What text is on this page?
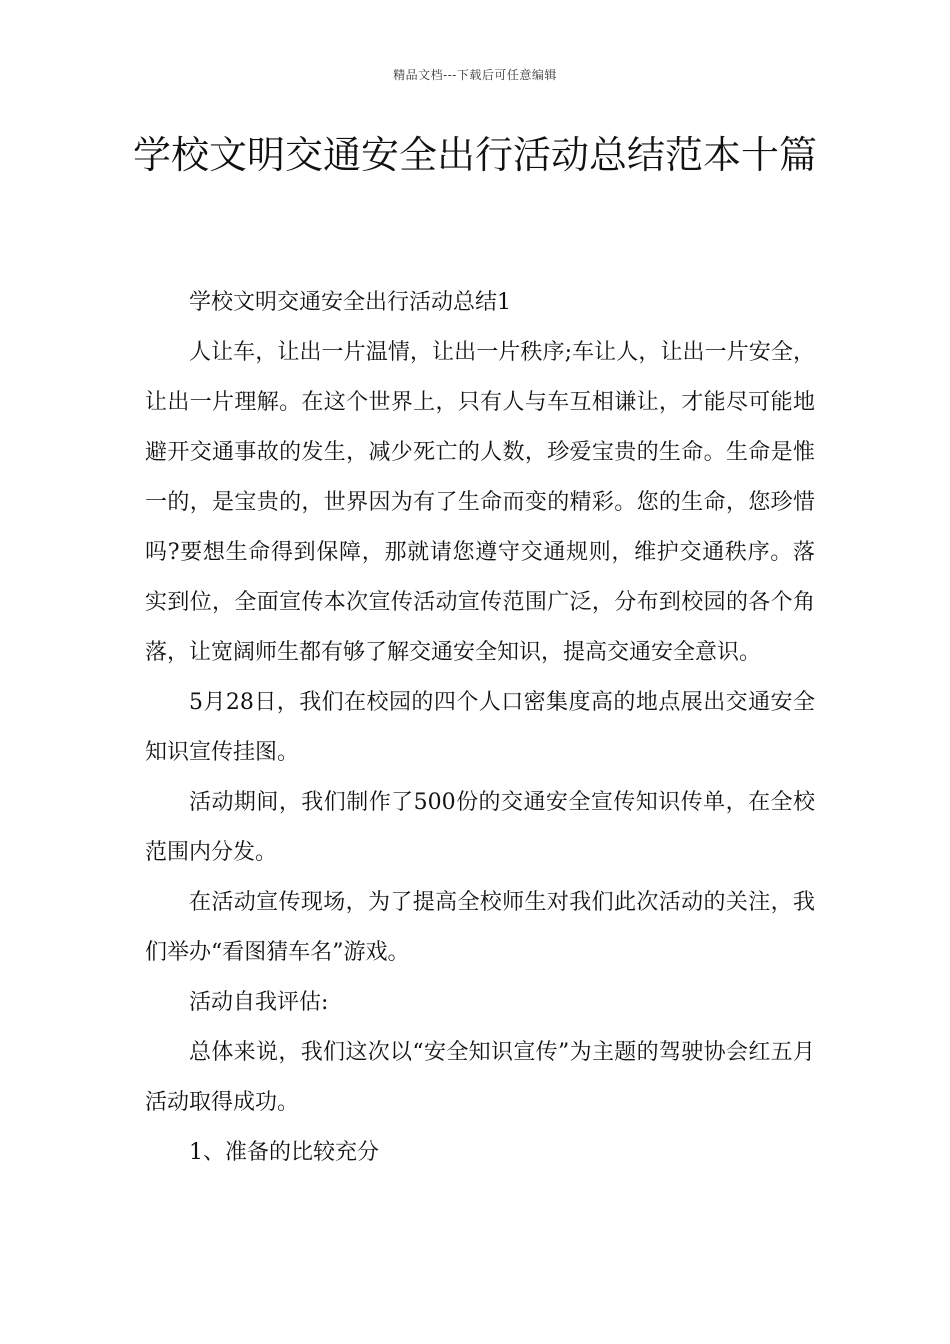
精品文档---下载后可任意编辑
学校文明交通安全出行活动总结范本十篇

学校文明交通安全出行活动总结1

人让车，让出一片温情，让出一片秩序;车让人，让出一片安全，让出一片理解。在这个世界上，只有人与车互相谦让，才能尽可能地避开交通事故的发生，减少死亡的人数，珍爱宝贵的生命。生命是惟一的，是宝贵的，世界因为有了生命而变的精彩。您的生命，您珍惜吗?要想生命得到保障，那就请您遵守交通规则，维护交通秩序。落实到位，全面宣传本次宣传活动宣传范围广泛，分布到校园的各个角落，让宽阔师生都有够了解交通安全知识，提高交通安全意识。

5月28日，我们在校园的四个人口密集度高的地点展出交通安全知识宣传挂图。

活动期间，我们制作了500份的交通安全宣传知识传单，在全校范围内分发。

在活动宣传现场，为了提高全校师生对我们此次活动的关注，我们举办“看图猜车名”游戏。

活动自我评估:

总体来说，我们这次以“安全知识宣传”为主题的驾驶协会红五月活动取得成功。

1、准备的比较充分
